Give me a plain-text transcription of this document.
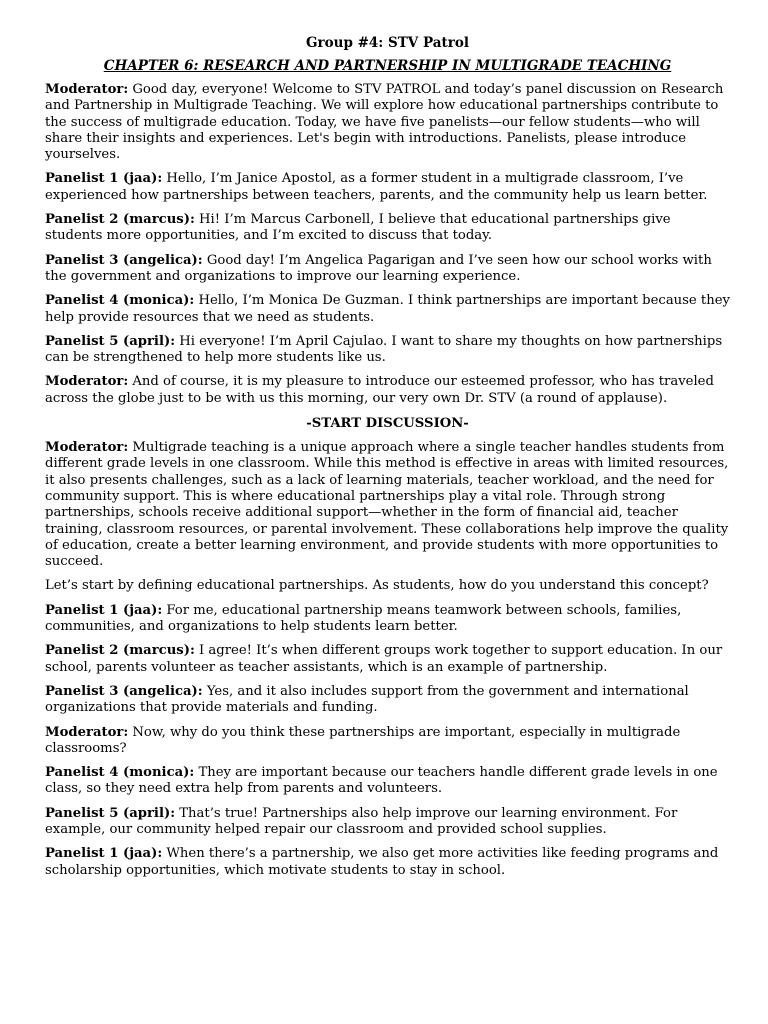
Group #4: STV Patrol
CHAPTER 6: RESEARCH AND PARTNERSHIP IN MULTIGRADE TEACHING

Moderator: Good day, everyone! Welcome to STV PATROL and today’s panel discussion on Research and Partnership in Multigrade Teaching. We will explore how educational partnerships contribute to the success of multigrade education. Today, we have five panelists—our fellow students—who will share their insights and experiences. Let's begin with introductions. Panelists, please introduce yourselves.

Panelist 1 (jaa): Hello, I’m Janice Apostol, as a former student in a multigrade classroom, I’ve experienced how partnerships between teachers, parents, and the community help us learn better.

Panelist 2 (marcus): Hi! I’m Marcus Carbonell, I believe that educational partnerships give students more opportunities, and I’m excited to discuss that today.

Panelist 3 (angelica): Good day! I’m Angelica Pagarigan and I’ve seen how our school works with the government and organizations to improve our learning experience.

Panelist 4 (monica): Hello, I’m Monica De Guzman. I think partnerships are important because they help provide resources that we need as students.

Panelist 5 (april): Hi everyone! I’m April Cajulao. I want to share my thoughts on how partnerships can be strengthened to help more students like us.

Moderator: And of course, it is my pleasure to introduce our esteemed professor, who has traveled across the globe just to be with us this morning, our very own Dr. STV (a round of applause).

-START DISCUSSION-

Moderator: Multigrade teaching is a unique approach where a single teacher handles students from different grade levels in one classroom. While this method is effective in areas with limited resources, it also presents challenges, such as a lack of learning materials, teacher workload, and the need for community support. This is where educational partnerships play a vital role. Through strong partnerships, schools receive additional support—whether in the form of financial aid, teacher training, classroom resources, or parental involvement. These collaborations help improve the quality of education, create a better learning environment, and provide students with more opportunities to succeed.

Let’s start by defining educational partnerships. As students, how do you understand this concept?

Panelist 1 (jaa): For me, educational partnership means teamwork between schools, families, communities, and organizations to help students learn better.

Panelist 2 (marcus): I agree! It’s when different groups work together to support education. In our school, parents volunteer as teacher assistants, which is an example of partnership.

Panelist 3 (angelica): Yes, and it also includes support from the government and international organizations that provide materials and funding.

Moderator: Now, why do you think these partnerships are important, especially in multigrade classrooms?

Panelist 4 (monica): They are important because our teachers handle different grade levels in one class, so they need extra help from parents and volunteers.

Panelist 5 (april): That’s true! Partnerships also help improve our learning environment. For example, our community helped repair our classroom and provided school supplies.

Panelist 1 (jaa): When there’s a partnership, we also get more activities like feeding programs and scholarship opportunities, which motivate students to stay in school.
